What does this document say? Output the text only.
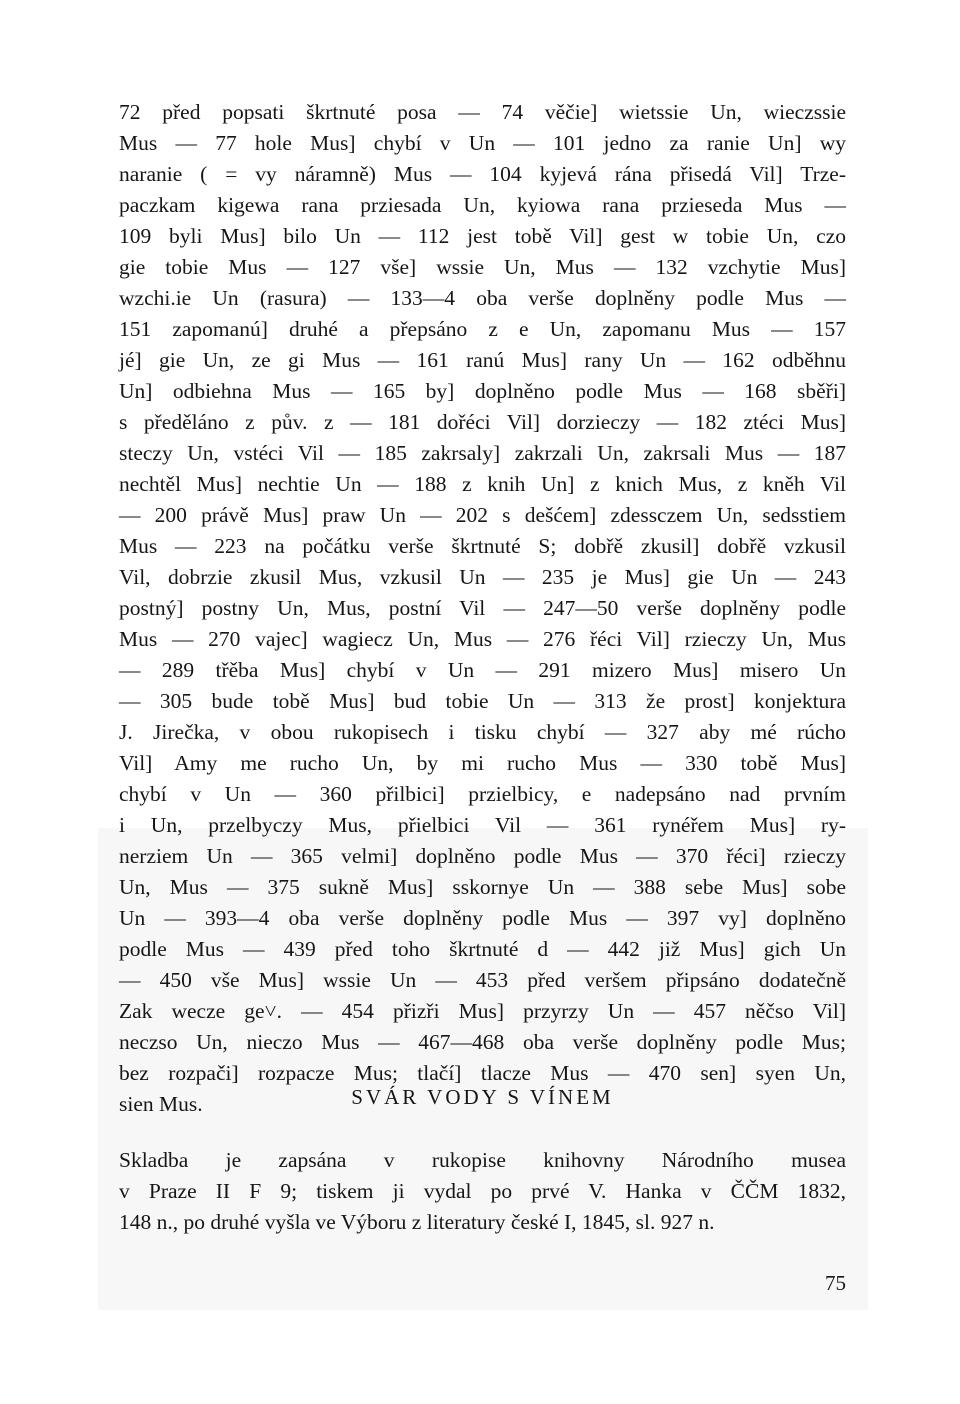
72 před popsati škrtnuté posa — 74 věčie] wietssie Un, wieczssie
Mus — 77 hole Mus] chybí v Un — 101 jedno za ranie Un] wy
naranie ( = vy náramně) Mus — 104 kyjevá rána přisedá Vil] Trze-
paczkam kigewa rana prziesada Un, kyiowa rana przieseda Mus —
109 byli Mus] bilo Un — 112 jest tobě Vil] gest w tobie Un, czo
gie tobie Mus — 127 vše] wssie Un, Mus — 132 vzchytie Mus]
wzchi.ie Un (rasura) — 133—4 oba verše doplněny podle Mus —
151 zapomanú] druhé a přepsáno z e Un, zapomanu Mus — 157
jé] gie Un, ze gi Mus — 161 ranú Mus] rany Un — 162 odběhnu
Un] odbiehna Mus — 165 by] doplněno podle Mus — 168 sběři]
s předěláno z pův. z — 181 dořéci Vil] dorzieczy — 182 ztéci Mus]
steczy Un, vstéci Vil — 185 zakrsaly] zakrzali Un, zakrsali Mus — 187
nechtěl Mus] nechtie Un — 188 z knih Un] z knich Mus, z kněh Vil
— 200 právě Mus] praw Un — 202 s dešćem] zdessczem Un, sedsstiem
Mus — 223 na počátku verše škrtnuté S; dobřě zkusil] dobřě vzkusil
Vil, dobrzie zkusil Mus, vzkusil Un — 235 je Mus] gie Un — 243
postný] postny Un, Mus, postní Vil — 247—50 verše doplněny podle
Mus — 270 vajec] wagiecz Un, Mus — 276 řéci Vil] rzieczy Un, Mus
— 289 třěba Mus] chybí v Un — 291 mizero Mus] misero Un
— 305 bude tobě Mus] bud tobie Un — 313 že prost] konjektura
J. Jirečka, v obou rukopisech i tisku chybí — 327 aby mé rúcho
Vil] Amy me rucho Un, by mi rucho Mus — 330 tobě Mus]
chybí v Un — 360 přilbici] przielbicy, e nadepsáno nad prvním
i Un, przelbyczy Mus, přielbici Vil — 361 rynéřem Mus] ry-
nerziem Un — 365 velmi] doplněno podle Mus — 370 řéci] rzieczy
Un, Mus — 375 sukně Mus] sskornye Un — 388 sebe Mus] sobe
Un — 393—4 oba verše doplněny podle Mus — 397 vy] doplněno
podle Mus — 439 před toho škrtnuté d — 442 již Mus] gich Un
— 450 vše Mus] wssie Un — 453 před veršem připsáno dodatečně
Zak wecze ge˅. — 454 přizři Mus] przyrzy Un — 457 něčso Vil]
neczso Un, nieczo Mus — 467—468 oba verše doplněny podle Mus;
bez rozpači] rozpacze Mus; tlačí] tlacze Mus — 470 sen] syen Un,
sien Mus.	SVÁR VODY S VÍNEM
Skladba je zapsána v rukopise knihovny Národního musea
v Praze II F 9; tiskem ji vydal po prvé V. Hanka v ČČM 1832,
148 n., po druhé vyšla ve Výboru z literatury české I, 1845, sl. 927 n.
75
